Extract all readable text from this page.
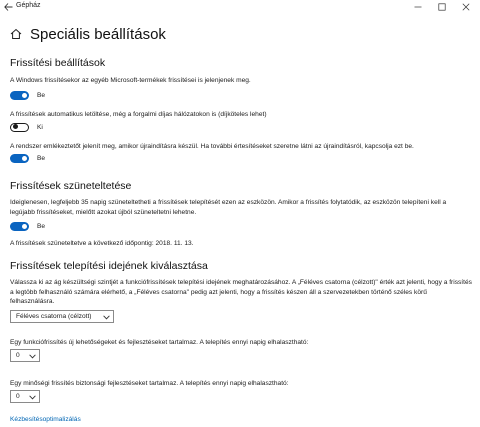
Gépház
Speciális beállítások
Frissítési beállítások
A Windows frissítésekor az egyéb Microsoft-termékek frissítései is jelenjenek meg.
Be
A frissítések automatikus letöltése, még a forgalmi díjas hálózatokon is (díjköteles lehet)
Ki
A rendszer emlékeztetőt jelenít meg, amikor újraindításra készül. Ha további értesítéseket szeretne látni az újraindításról, kapcsolja ezt be.
Be
Frissítések szüneteltetése
Ideiglenesen, legfeljebb 35 napig szüneteltetheti a frissítések telepítését ezen az eszközön. Amikor a frissítés folytatódik, az eszközön telepíteni kell a legújabb frissítéseket, mielőtt azokat újból szüneteltetni lehetne.
Be
A frissítések szüneteltetve a következő időpontig: 2018. 11. 13.
Frissítések telepítési idejének kiválasztása
Válassza ki az ág készültségi szintjét a funkciófrissítések telepítési idejének meghatározásához. A „Féléves csatorna (célzott)" érték azt jelenti, hogy a frissítés a legtöbb felhasználó számára elérhető, a „Féléves csatorna" pedig azt jelenti, hogy a frissítés készen áll a szervezetekben történő széles körű felhasználásra.
Féléves csatorna (célzott)
Egy funkciófrissítés új lehetőségeket és fejlesztéseket tartalmaz. A telepítés ennyi napig elhalasztható:
0
Egy minőségi frissítés biztonsági fejlesztéseket tartalmaz. A telepítés ennyi napig elhalasztható:
0
Kézbesítésoptimalizálás
